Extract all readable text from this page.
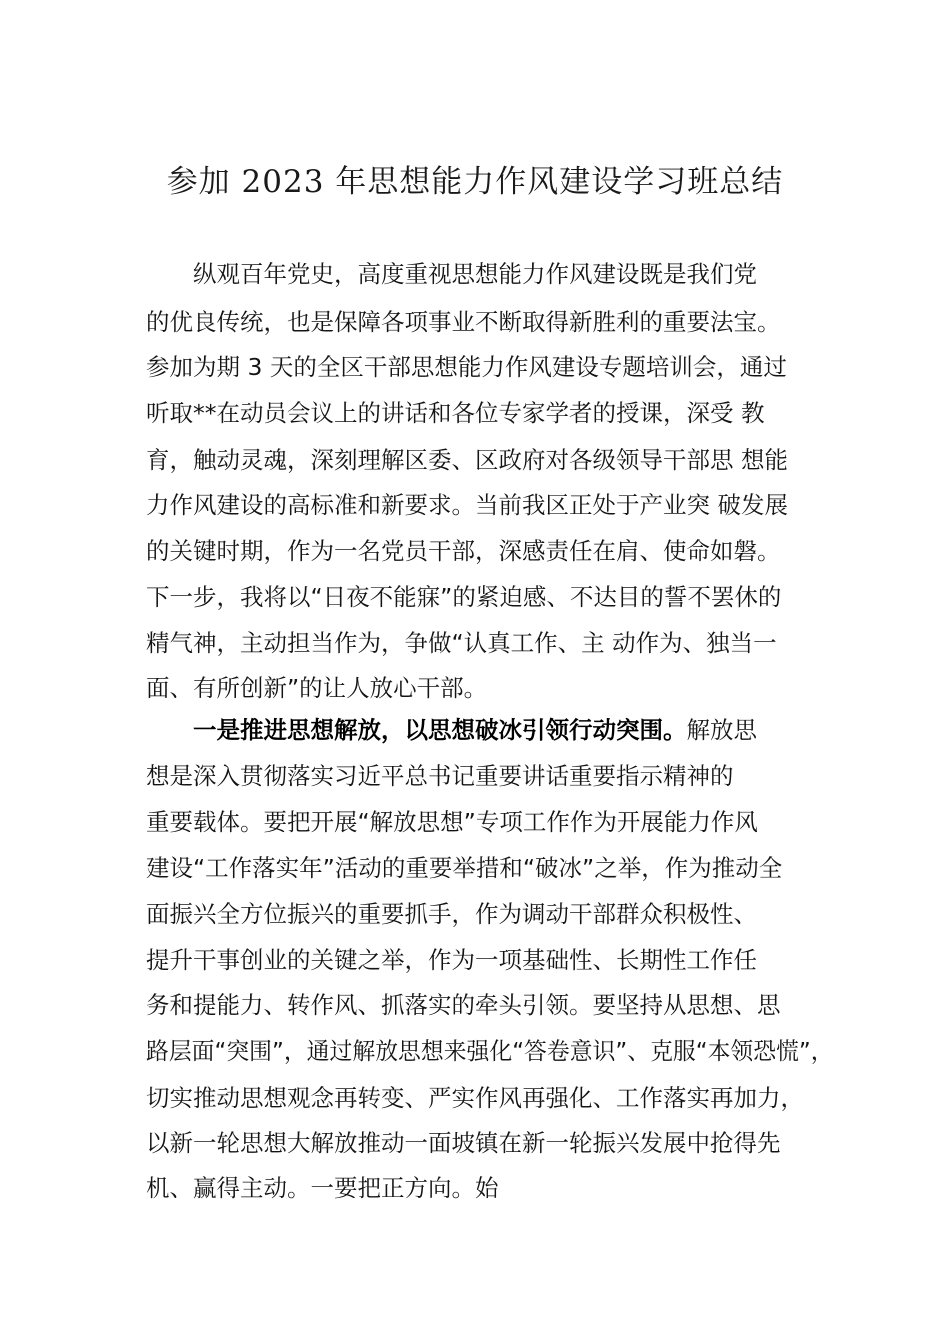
参加 2023 年思想能力作风建设学习班总结
纵观百年党史，高度重视思想能力作风建设既是我们党
的优良传统，也是保障各项事业不断取得新胜利的重要法宝。
参加为期 3 天的全区干部思想能力作风建设专题培训会，通过
听取**在动员会议上的讲话和各位专家学者的授课，深受 教
育，触动灵魂，深刻理解区委、区政府对各级领导干部思 想能
力作风建设的高标准和新要求。当前我区正处于产业突 破发展
的关键时期，作为一名党员干部，深感责任在肩、使命如磐。
下一步，我将以“日夜不能寐”的紧迫感、不达目的誓不罢休的
精气神，主动担当作为，争做“认真工作、主 动作为、独当一
面、有所创新”的让人放心干部。
一是推进思想解放，以思想破冰引领行动突围。解放思
想是深入贯彻落实习近平总书记重要讲话重要指示精神的
重要载体。要把开展“解放思想”专项工作作为开展能力作风
建设“工作落实年”活动的重要举措和“破冰”之举，作为推动全
面振兴全方位振兴的重要抓手，作为调动干部群众积极性、
提升干事创业的关键之举，作为一项基础性、长期性工作任
务和提能力、转作风、抓落实的牵头引领。要坚持从思想、思
路层面“突围”，通过解放思想来强化“答卷意识”、克服“本领恐慌”，
切实推动思想观念再转变、严实作风再强化、工作落实再加力，
以新一轮思想大解放推动一面坡镇在新一轮振兴发展中抢得先
机、赢得主动。一要把正方向。始
